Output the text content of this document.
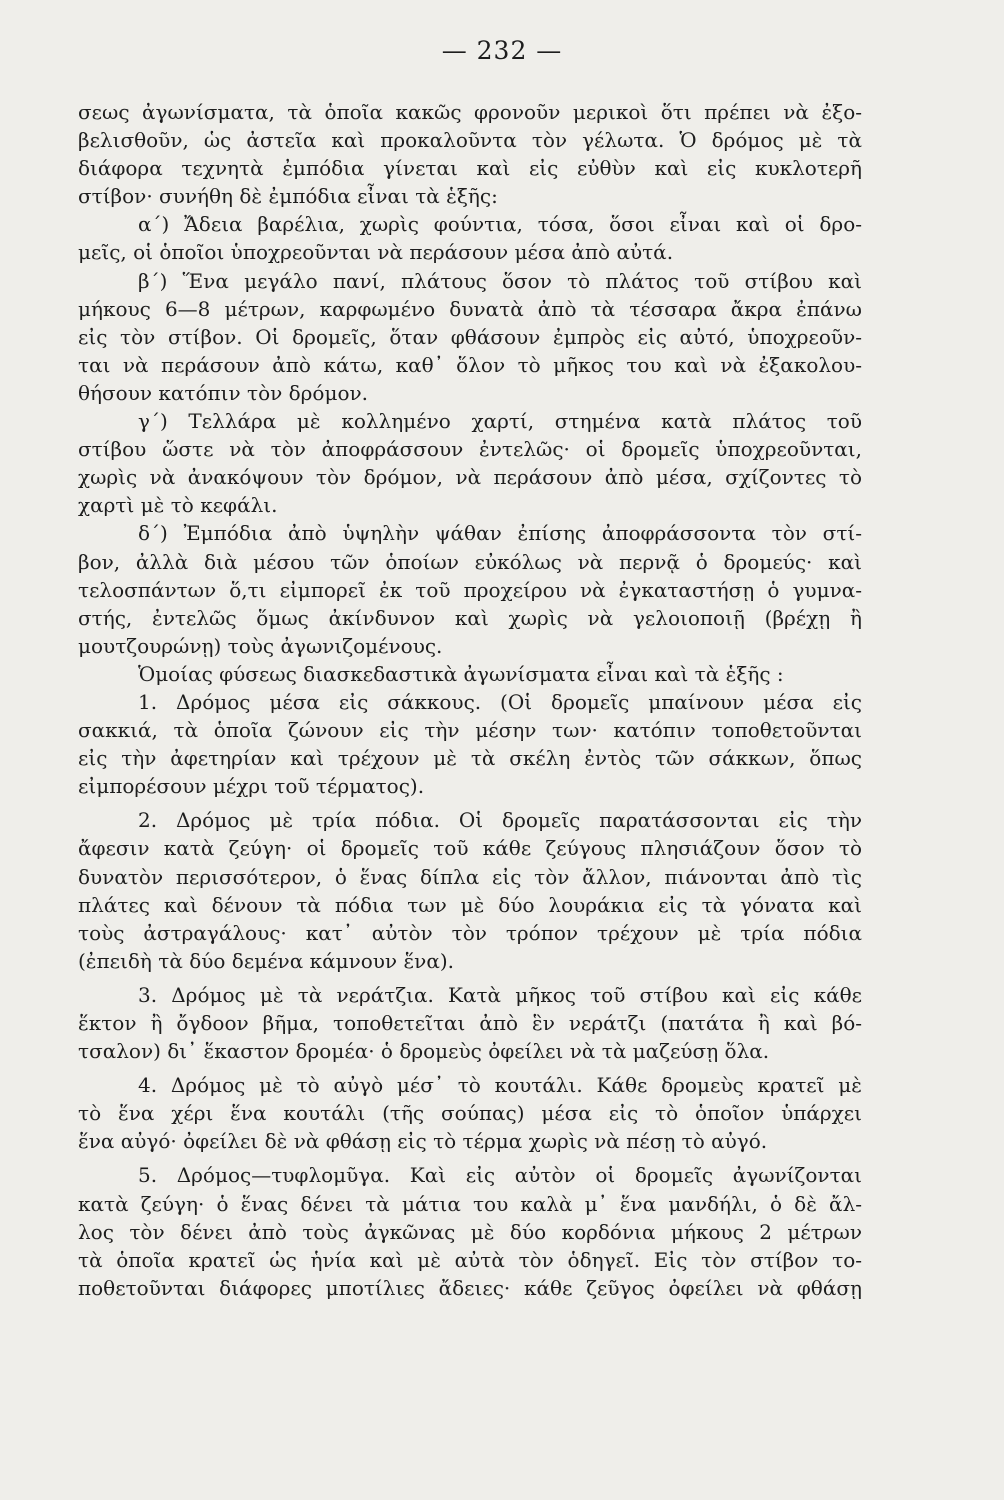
— 232 —
σεως ἀγωνίσματα, τὰ ὁποῖα κακῶς φρονοῦν μερικοὶ ὅτι πρέπει νὰ ἐξο-
βελισθοῦν, ὡς ἀστεῖα καὶ προκαλοῦντα τὸν γέλωτα. Ὁ δρόμος μὲ τὰ
διάφορα τεχνητὰ ἐμπόδια γίνεται καὶ εἰς εὐθὺν καὶ εἰς κυκλοτερῆ
στίβον· συνήθη δὲ ἐμπόδια εἶναι τὰ ἑξῆς:
α΄) Ἄδεια βαρέλια, χωρὶς φούντια, τόσα, ὅσοι εἶναι καὶ οἱ δρο-
μεῖς, οἱ ὁποῖοι ὑποχρεοῦνται νὰ περάσουν μέσα ἀπὸ αὐτά.
β΄) Ἕνα μεγάλο πανί, πλάτους ὅσον τὸ πλάτος τοῦ στίβου καὶ
μήκους 6—8 μέτρων, καρφωμένο δυνατὰ ἀπὸ τὰ τέσσαρα ἄκρα ἐπάνω
εἰς τὸν στίβον. Οἱ δρομεῖς, ὅταν φθάσουν ἐμπρὸς εἰς αὐτό, ὑποχρεοῦν-
ται νὰ περάσουν ἀπὸ κάτω, καθ᾽ ὅλον τὸ μῆκος του καὶ νὰ ἐξακολου-
θήσουν κατόπιν τὸν δρόμον.
γ΄) Τελλάρα μὲ κολλημένο χαρτί, στημένα κατὰ πλάτος τοῦ
στίβου ὥστε νὰ τὸν ἀποφράσσουν ἐντελῶς· οἱ δρομεῖς ὑποχρεοῦνται,
χωρὶς νὰ ἀνακόψουν τὸν δρόμον, νὰ περάσουν ἀπὸ μέσα, σχίζοντες τὸ
χαρτὶ μὲ τὸ κεφάλι.
δ΄) Ἐμπόδια ἀπὸ ὑψηλὴν ψάθαν ἐπίσης ἀποφράσσοντα τὸν στί-
βον, ἀλλὰ διὰ μέσου τῶν ὁποίων εὐκόλως νὰ περνᾷ ὁ δρομεύς· καὶ
τελοσπάντων ὅ,τι εἰμπορεῖ ἐκ τοῦ προχείρου νὰ ἐγκαταστήσῃ ὁ γυμνα-
στής, ἐντελῶς ὅμως ἀκίνδυνον καὶ χωρὶς νὰ γελοιοποιῇ (βρέχῃ ἢ
μουτζουρώνῃ) τοὺς ἀγωνιζομένους.
Ὁμοίας φύσεως διασκεδαστικὰ ἀγωνίσματα εἶναι καὶ τὰ ἑξῆς :
1. Δρόμος μέσα εἰς σάκκους. (Οἱ δρομεῖς μπαίνουν μέσα εἰς
σακκιά, τὰ ὁποῖα ζώνουν εἰς τὴν μέσην των· κατόπιν τοποθετοῦνται
εἰς τὴν ἀφετηρίαν καὶ τρέχουν μὲ τὰ σκέλη ἐντὸς τῶν σάκκων, ὅπως
εἰμπορέσουν μέχρι τοῦ τέρματος).
2. Δρόμος μὲ τρία πόδια. Οἱ δρομεῖς παρατάσσονται εἰς τὴν
ἄφεσιν κατὰ ζεύγη· οἱ δρομεῖς τοῦ κάθε ζεύγους πλησιάζουν ὅσον τὸ
δυνατὸν περισσότερον, ὁ ἕνας δίπλα εἰς τὸν ἄλλον, πιάνονται ἀπὸ τὶς
πλάτες καὶ δένουν τὰ πόδια των μὲ δύο λουράκια εἰς τὰ γόνατα καὶ
τοὺς ἀστραγάλους· κατ᾽ αὐτὸν τὸν τρόπον τρέχουν μὲ τρία πόδια
(ἐπειδὴ τὰ δύο δεμένα κάμνουν ἕνα).
3. Δρόμος μὲ τὰ νεράτζια. Κατὰ μῆκος τοῦ στίβου καὶ εἰς κάθε
ἕκτον ἢ ὄγδοον βῆμα, τοποθετεῖται ἀπὸ ἓν νεράτζι (πατάτα ἢ καὶ βό-
τσαλον) δι᾽ ἕκαστον δρομέα· ὁ δρομεὺς ὀφείλει νὰ τὰ μαζεύσῃ ὅλα.
4. Δρόμος μὲ τὸ αὐγὸ μέσ᾽ τὸ κουτάλι. Κάθε δρομεὺς κρατεῖ μὲ
τὸ ἕνα χέρι ἕνα κουτάλι (τῆς σούπας) μέσα εἰς τὸ ὁποῖον ὑπάρχει
ἕνα αὐγό· ὀφείλει δὲ νὰ φθάσῃ εἰς τὸ τέρμα χωρὶς νὰ πέσῃ τὸ αὐγό.
5. Δρόμος—τυφλομῦγα. Καὶ εἰς αὐτὸν οἱ δρομεῖς ἀγωνίζονται
κατὰ ζεύγη· ὁ ἕνας δένει τὰ μάτια του καλὰ μ᾽ ἕνα μανδήλι, ὁ δὲ ἄλ-
λος τὸν δένει ἀπὸ τοὺς ἀγκῶνας μὲ δύο κορδόνια μήκους 2 μέτρων
τὰ ὁποῖα κρατεῖ ὡς ἡνία καὶ μὲ αὐτὰ τὸν ὁδηγεῖ. Εἰς τὸν στίβον το-
ποθετοῦνται διάφορες μποτίλιες ἄδειες· κάθε ζεῦγος ὀφείλει νὰ φθάσῃ
